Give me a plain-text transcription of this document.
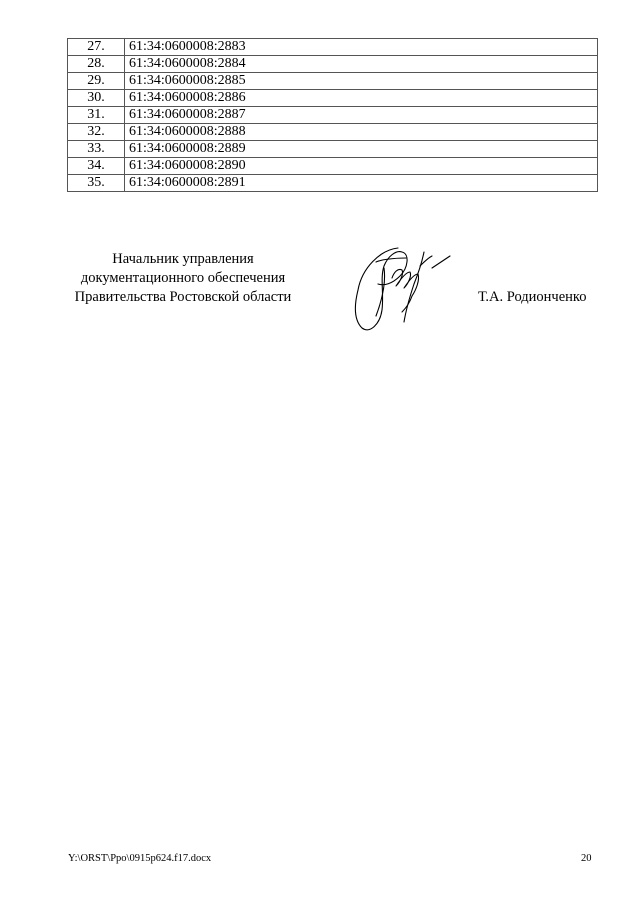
27.	61:34:0600008:2883
28.	61:34:0600008:2884
29.	61:34:0600008:2885
30.	61:34:0600008:2886
31.	61:34:0600008:2887
32.	61:34:0600008:2888
33.	61:34:0600008:2889
34.	61:34:0600008:2890
35.	61:34:0600008:2891
Начальник управления
документационного обеспечения
Правительства Ростовской области	Т.А. Родионченко
Y:\ORST\Ppo\0915p624.f17.docx	20
